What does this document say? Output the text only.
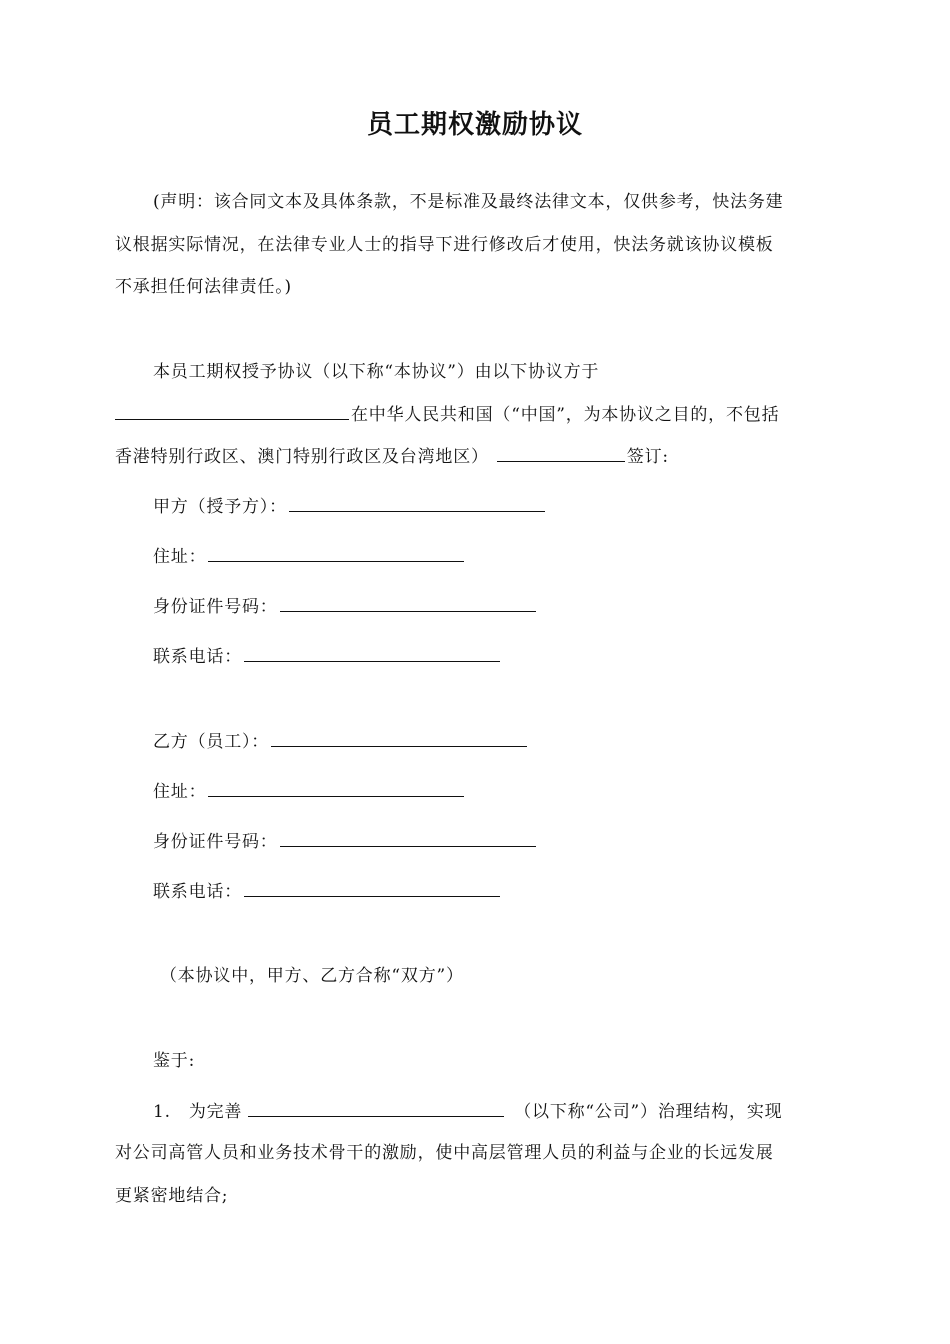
员工期权激励协议
(声明：该合同文本及具体条款，不是标准及最终法律文本，仅供参考，快法务建
议根据实际情况，在法律专业人士的指导下进行修改后才使用，快法务就该协议模板
不承担任何法律责任。)
本员工期权授予协议（以下称“本协议”）由以下协议方于
在中华人民共和国（“中国”，为本协议之目的，不包括
香港特别行政区、澳门特别行政区及台湾地区）	签订:
甲方（授予方）：
住址：
身份证件号码：
联系电话：
乙方（员工）：
住址：
身份证件号码：
联系电话：
（本协议中，甲方、乙方合称“双方”）
鉴于:
1. 为完善	（以下称“公司”）治理结构，实现
对公司高管人员和业务技术骨干的激励，使中高层管理人员的利益与企业的长远发展
更紧密地结合;
